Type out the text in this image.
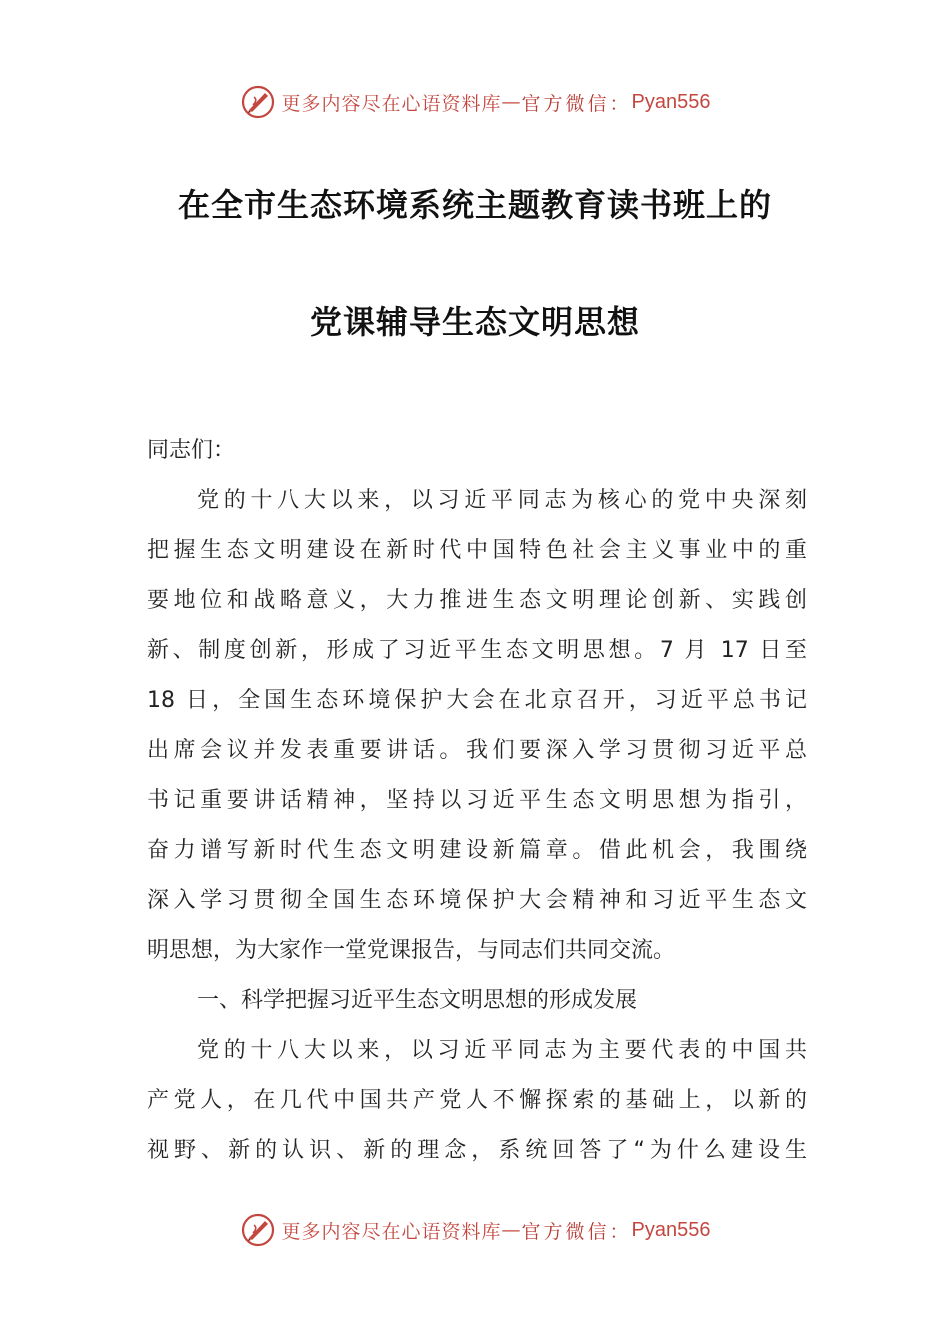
更多内容尽在心语资料库 — 官方微信： Pyan556
在全市生态环境系统主题教育读书班上的
党课辅导生态文明思想
同志们：
党的十八大以来，以习近平同志为核心的党中央深刻
把握生态文明建设在新时代中国特色社会主义事业中的重
要地位和战略意义，大力推进生态文明理论创新、实践创
新、制度创新，形成了习近平生态文明思想。7 月 17 日至
18 日，全国生态环境保护大会在北京召开，习近平总书记
出席会议并发表重要讲话。我们要深入学习贯彻习近平总
书记重要讲话精神，坚持以习近平生态文明思想为指引，
奋力谱写新时代生态文明建设新篇章。借此机会，我围绕
深入学习贯彻全国生态环境保护大会精神和习近平生态文
明思想，为大家作一堂党课报告，与同志们共同交流。
一、科学把握习近平生态文明思想的形成发展
党的十八大以来，以习近平同志为主要代表的中国共
产党人，在几代中国共产党人不懈探索的基础上，以新的
视野、新的认识、新的理念，系统回答了“为什么建设生
更多内容尽在心语资料库 — 官方微信： Pyan556
